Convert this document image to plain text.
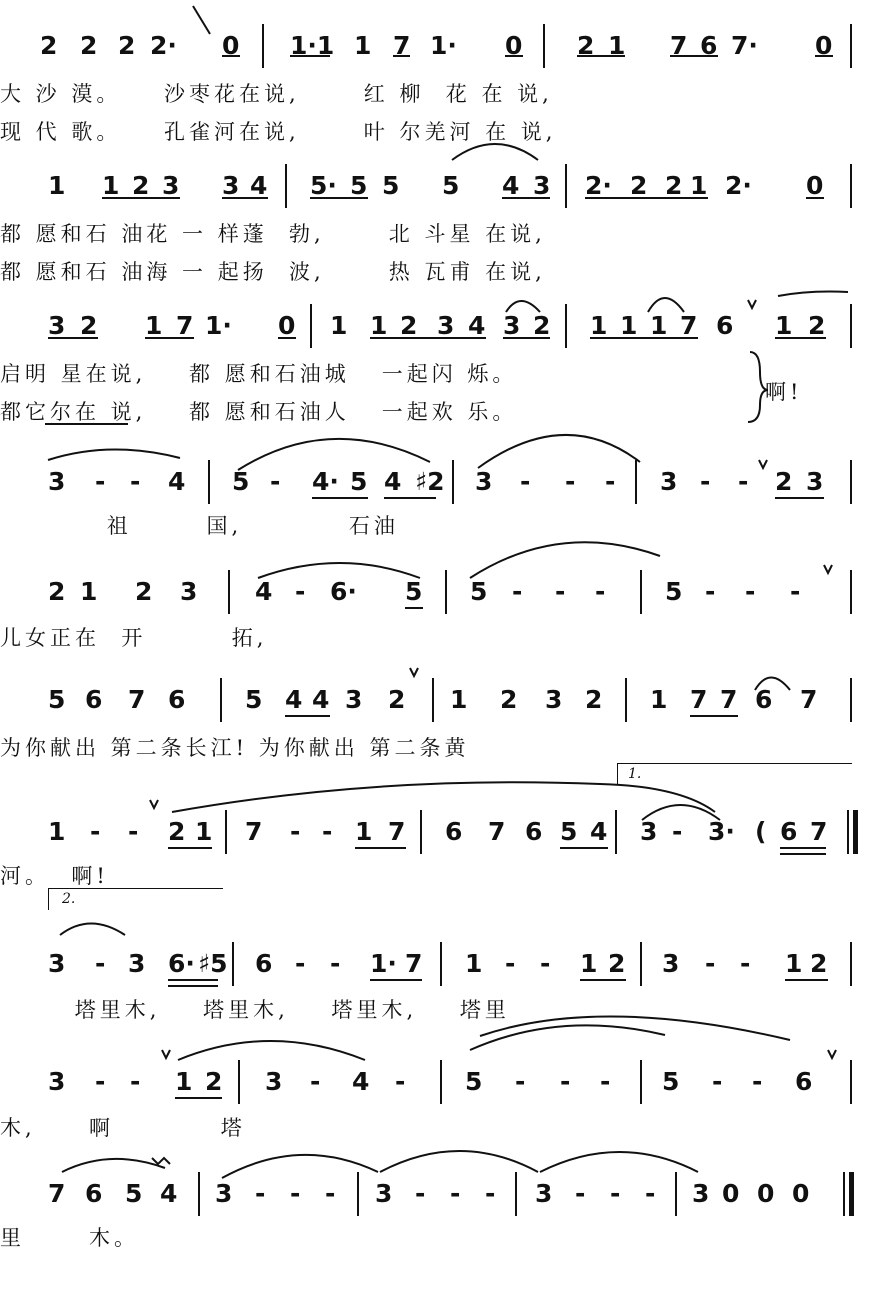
2 2 2 2· 0 1·1 1 7 1· 0 2 1 7 6 7· 0
大 沙 漠。    沙枣花在说,      红 柳  花 在 说,
现 代 歌。    孔雀河在说,      叶 尔羌河 在 说,
1 1 2 3 3 4 5· 5 5 5 4 3 2· 2 2 1 2· 0
都 愿和石 油花 一 样蓬  勃,      北 斗星 在说,
都 愿和石 油海 一 起扬  波,      热 瓦甫 在说,
3 2 1 7 1· 0 1 1 2 3 4 3 2 1 1 1 7 6 1 2
启明 星在说,    都 愿和石油城   一起闪 烁。
都它尔在 说,    都 愿和石油人   一起欢 乐。
啊!
3 - - 4 5 - 4· 5 4 ♯2 3 - - - 3 - - 2 3
祖       国,          石油
2 1 2 3 4 - 6· 5 5 - - - 5 - - -
儿女正在  开        拓,
5 6 7 6 5 4 4 3 2 1 2 3 2 1 7 7 6 7
为你献出 第二条长江! 为你献出 第二条黄
1 - - 2 1 7 - - 1 7 6 7 6 5 4 3 - 3· ( 6 7
河。  啊!
3 - 3 6· ♯5 6 - - 1· 7 1 - - 1 2 3 - - 1 2
塔里木,    塔里木,    塔里木,    塔里
3 - - 1 2 3 - 4 - 5 - - - 5 - - 6
木,     啊          塔
7 6 5 4 3 - - - 3 - - - 3 - - - 3 0 0 0
里      木。
1.
2.
